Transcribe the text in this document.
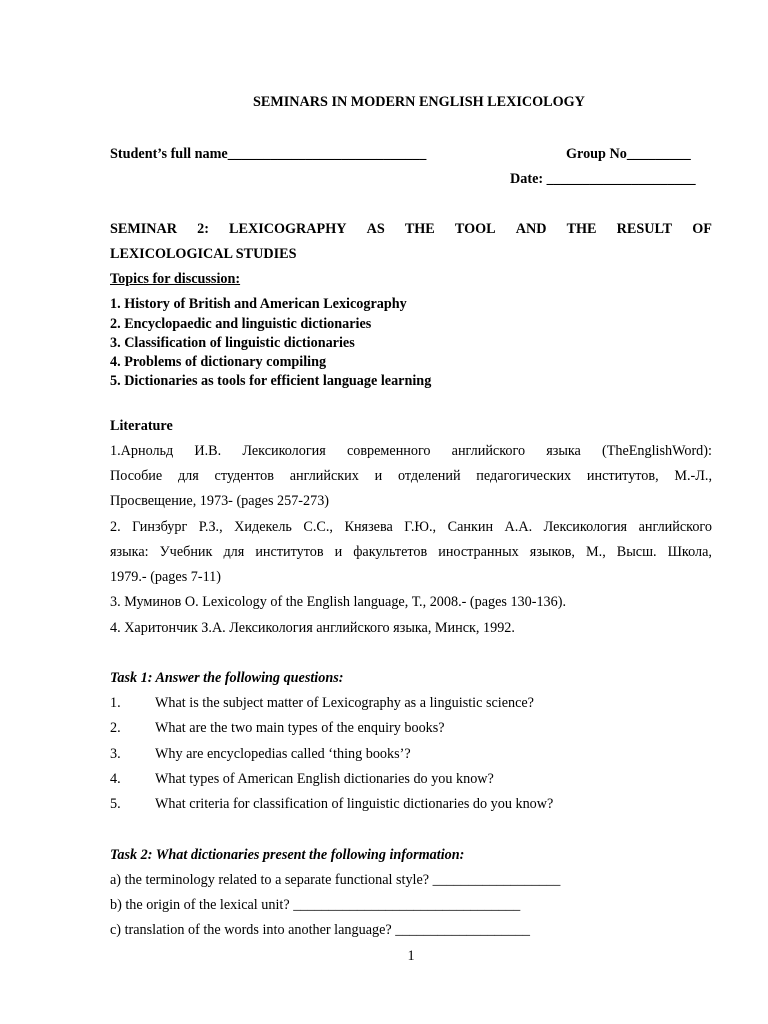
SEMINARS IN MODERN ENGLISH LEXICOLOGY
Student’s full name____________________________	Group No_________
Date: _____________________
SEMINAR 2: LEXICOGRAPHY AS THE TOOL AND THE RESULT OF
LEXICOLOGICAL STUDIES
Topics for discussion:
1. History of British and American Lexicography
2. Encyclopaedic and linguistic dictionaries
3. Classification of linguistic dictionaries
4. Problems of dictionary compiling
5. Dictionaries as tools for efficient language learning
Literature
1.Арнольд И.В. Лексикология современного английского языка (TheEnglishWord):
Пособие для студентов английских и отделений педагогических институтов, М.-Л.,
Просвещение, 1973- (pages 257-273)
2. Гинзбург Р.З., Хидекель С.С., Князева Г.Ю., Санкин А.А. Лексикология английского
языка: Учебник для институтов и факультетов иностранных языков, М., Высш. Школа,
1979.- (pages 7-11)
3. Муминов О. Lexicology of the English language, Т., 2008.- (pages 130-136).
4. Харитончик З.А. Лексикология английского языка, Минск, 1992.
Task 1: Answer the following questions:
1. What is the subject matter of Lexicography as a linguistic science?
2. What are the two main types of the enquiry books?
3. Why are encyclopedias called ‘thing books’?
4. What types of American English dictionaries do you know?
5. What criteria for classification of linguistic dictionaries do you know?
Task 2: What dictionaries present the following information:
a) the terminology related to a separate functional style? __________________
b) the origin of the lexical unit? ________________________________
c) translation of the words into another language? ___________________
1
